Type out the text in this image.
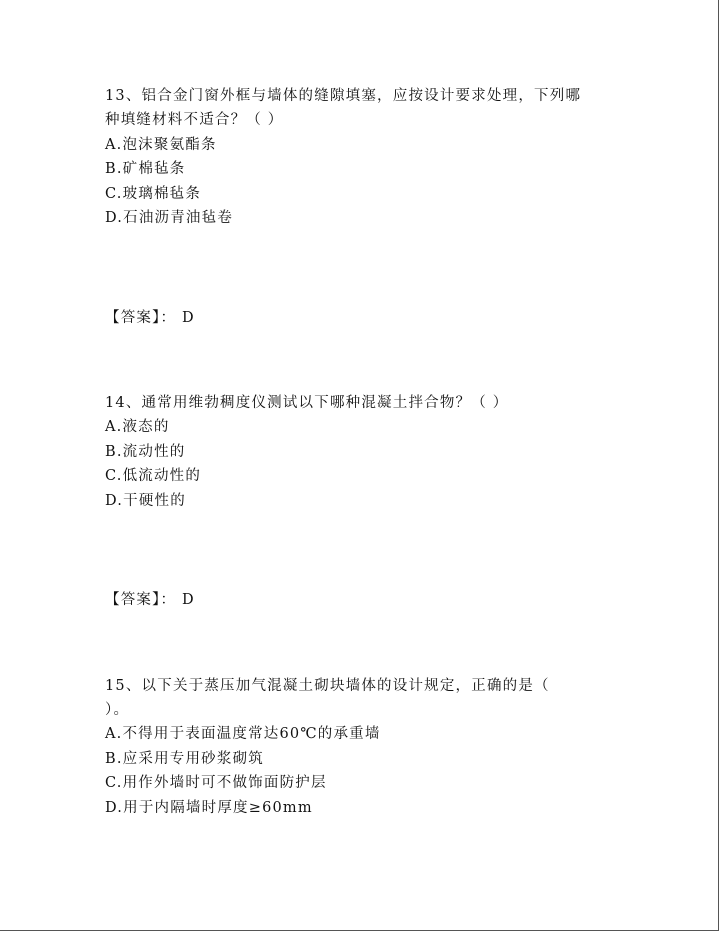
13、铝合金门窗外框与墙体的缝隙填塞，应按设计要求处理，下列哪
种填缝材料不适合？（ ）
A.泡沫聚氨酯条
B.矿棉毡条
C.玻璃棉毡条
D.石油沥青油毡卷
【答案】： D
14、通常用维勃稠度仪测试以下哪种混凝土拌合物？（ ）
A.液态的
B.流动性的
C.低流动性的
D.干硬性的
【答案】： D
15、以下关于蒸压加气混凝土砌块墙体的设计规定，正确的是（
）。
A.不得用于表面温度常达60℃的承重墙
B.应采用专用砂浆砌筑
C.用作外墙时可不做饰面防护层
D.用于内隔墙时厚度≥60mm
